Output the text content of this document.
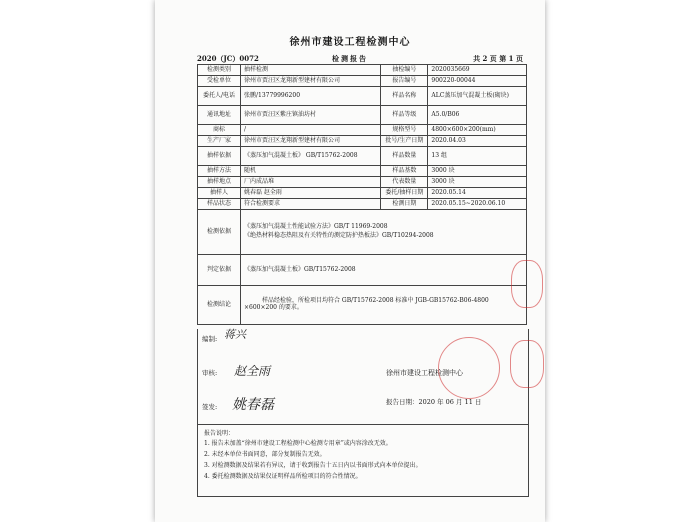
徐州市建设工程检测中心
2020（JC）0072	检测报告	共 2 页 第 1 页
检测类别	抽样检测	抽检编号	2020035669
受检单位	徐州市贾汪区龙翔新型建材有限公司	报告编号	900220-00044
委托人/电话	张鹏/13779996200	样品名称	ALC蒸压加气混凝土板(砌块)
通讯地址	徐州市贾汪区紫庄镇油坊村	样品等级	A5.0/B06
商标	/	规格型号	4800×600×200(mm)
生产厂家	徐州市贾汪区龙翔新型建材有限公司	批号/生产日期	2020.04.03
抽样依据	《蒸压加气混凝土板》 GB/T15762-2008	样品数量	13 组
抽样方法	随机	样品基数	3000 块
抽样地点	厂内成品堆	代表数量	3000 块
抽样人	姚春磊 赵全雨	委托/抽样日期	2020.05.14
样品状态	符合检测要求	检测日期	2020.05.15~2020.06.10
检测依据	《蒸压加气混凝土性能试验方法》GB/T 11969-2008
《绝热材料稳态热阻及有关特性的测定防护热板法》GB/T10294-2008		

判定依据	《蒸压加气混凝土板》GB/T15762-2008		
检测结论	样品经检验，所检项目均符合 GB/T15762-2008 标准中 JGB-GB15762-B06-4800
×600×200 的要求。		
编制: 蒋兴
审核: 赵全雨
签发: 姚春磊
徐州市建设工程检测中心
报告日期：2020 年 06 月 11 日
报告说明：
1. 报告未加盖“徐州市建设工程检测中心检测专用章”或内容涂改无效。
2. 未经本单位书面同意，部分复制报告无效。
3. 对检测数据及结果若有异议，请于收到报告十五日内以书面形式向本单位提出。
4. 委托检测数据及结果仅证明样品所检项目的符合性情况。
